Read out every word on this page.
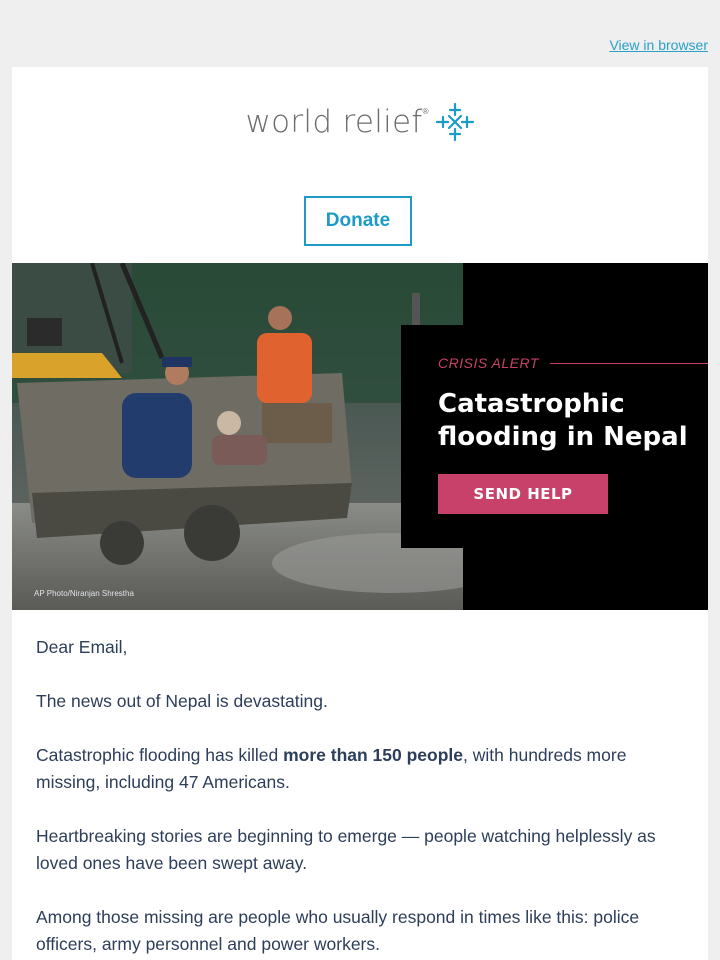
View in browser
world relief ®
Donate
AP Photo/Niranjan Shrestha
CRISIS ALERT
Catastrophic
flooding in Nepal
SEND HELP

Dear Email,

The news out of Nepal is devastating.

Catastrophic flooding has killed more than 150 people, with hundreds more missing, including 47 Americans.

Heartbreaking stories are beginning to emerge — people watching helplessly as loved ones have been swept away.

Among those missing are people who usually respond in times like this: police officers, army personnel and power workers.
